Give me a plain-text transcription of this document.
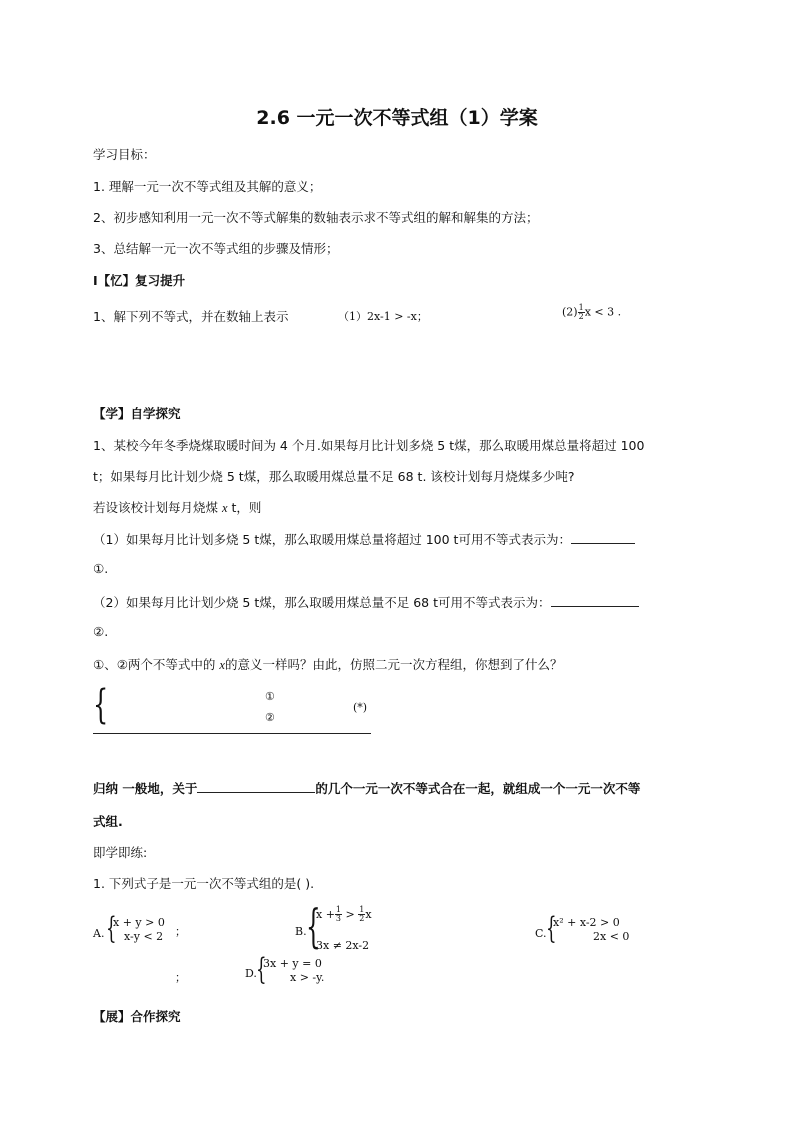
2.6 一元一次不等式组（1）学案
学习目标：
1. 理解一元一次不等式组及其解的意义；
2、初步感知利用一元一次不等式解集的数轴表示求不等式组的解和解集的方法；
3、总结解一元一次不等式组的步骤及情形；
Ⅰ【忆】复习提升
1、解下列不等式，并在数轴上表示	（1）2x-1 > -x；	$(2) \frac{1}{2}$ x < 3 .
【学】自学探究
1、某校今年冬季烧煤取暖时间为 4 个月.如果每月比计划多烧 5 t煤，那么取暖用煤总量将超过 100
t；如果每月比计划少烧 5 t煤，那么取暖用煤总量不足 68 t. 该校计划每月烧煤多少吨?
若设该校计划每月烧煤 x t，则
（1）如果每月比计划多烧 5 t煤，那么取暖用煤总量将超过 100 t可用不等式表示为：
①.
（2）如果每月比计划少烧 5 t煤，那么取暖用煤总量不足 68 t可用不等式表示为：
②.
①、②两个不等式中的 x的意义一样吗？由此，仿照二元一次方程组，你想到了什么？
{	①
②
(*)
归纳 一般地，关于	的几个一元一次不等式合在一起，就组成一个一元一次不等
式组.
即学即练:
1. 下列式子是一元一次不等式组的是( ).
A. {
x + y > 0
x-y < 2 ；	B. {
$x + \frac{1}{3} > \frac{1}{2}$ x
3x ≠ 2x-2
C. {
x² + x-2 > 0
2x < 0
；	D. {
3x + y = 0
x > -y.
【展】合作探究
